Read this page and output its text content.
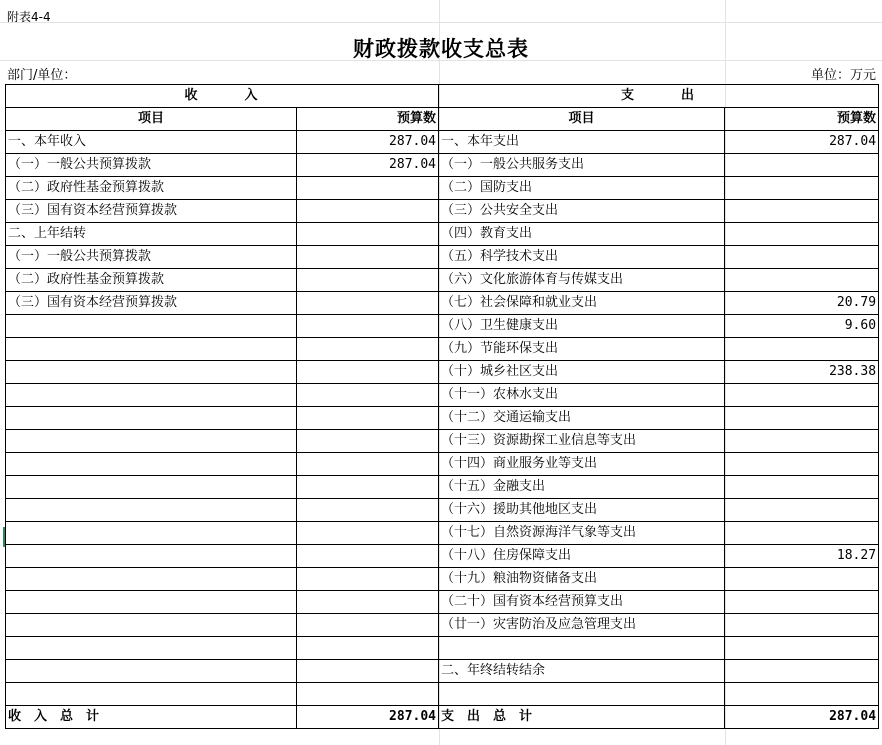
附表4-4
财政拨款收支总表
部门/单位：	单位：万元
收　　　入		支　　　出	
项目	预算数	项目	预算数
一、本年收入	287.04	一、本年支出	287.04
（一）一般公共预算拨款	287.04	（一）一般公共服务支出	
（二）政府性基金预算拨款		（二）国防支出	
（三）国有资本经营预算拨款		（三）公共安全支出	
二、上年结转		（四）教育支出	
（一）一般公共预算拨款		（五）科学技术支出	
（二）政府性基金预算拨款		（六）文化旅游体育与传媒支出	
（三）国有资本经营预算拨款		（七）社会保障和就业支出	20.79
		（八）卫生健康支出	9.60
		（九）节能环保支出	
		（十）城乡社区支出	238.38
		（十一）农林水支出	
		（十二）交通运输支出	
		（十三）资源勘探工业信息等支出	
		（十四）商业服务业等支出	
		（十五）金融支出	
		（十六）援助其他地区支出	
		（十七）自然资源海洋气象等支出	
		（十八）住房保障支出	18.27
		（十九）粮油物资储备支出	
		（二十）国有资本经营预算支出	
		（廿一）灾害防治及应急管理支出	

		二、年终结转结余	

收　入　总　计	287.04	支　出　总　计	287.04
